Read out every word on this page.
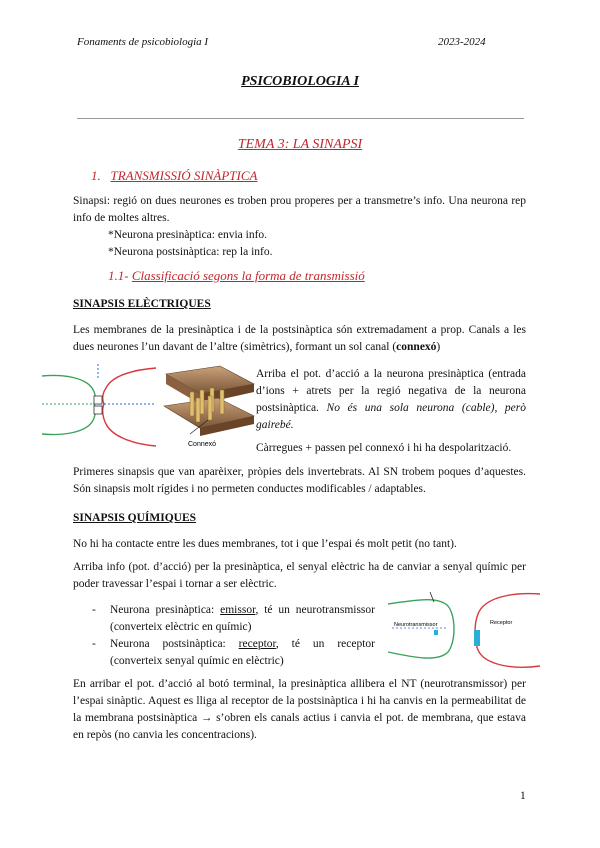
Fonaments de psicobiologia I	2023-2024
PSICOBIOLOGIA I
TEMA 3: LA SINAPSI
1. TRANSMISSIÓ SINÀPTICA

Sinapsi: regió on dues neurones es troben prou properes per a transmetre’s info. Una neurona rep info de moltes altres.

*Neurona presinàptica: envia info.
*Neurona postsinàptica: rep la info.
1.1- Classificació segons la forma de transmissió
SINAPSIS ELÈCTRIQUES

Les membranes de la presinàptica i de la postsinàptica són extremadament a prop. Canals a les dues neurones l’un davant de l’altre (simètrics), formant un sol canal (connexó)

Connexó

Arriba el pot. d’acció a la neurona presinàptica (entrada d’ions + atrets per la regió negativa de la neurona postsinàptica. No és una sola neurona (cable), però gairebé.

Càrregues + passen pel connexó i hi ha despolarització.

Primeres sinapsis que van aparèixer, pròpies dels invertebrats. Al SN trobem poques d’aquestes. Són sinapsis molt rígides i no permeten conductes modificables / adaptables.

SINAPSIS QUÍMIQUES

No hi ha contacte entre les dues membranes, tot i que l’espai és molt petit (no tant).

Arriba info (pot. d’acció) per la presinàptica, el senyal elèctric ha de canviar a senyal químic per poder travessar l’espai i tornar a ser elèctric.

- Neurona presinàptica: emissor, té un neurotransmissor (converteix elèctric en químic)
- Neurona postsinàptica: receptor, té un receptor (converteix senyal químic en elèctric)
Neurotransmissor	Receptor

En arribar el pot. d’acció al botó terminal, la presinàptica allibera el NT (neurotransmissor) per l’espai sinàptic. Aquest es lliga al receptor de la postsinàptica i hi ha canvis en la permeabilitat de la membrana postsinàptica → s’obren els canals actius i canvia el pot. de membrana, que estava en repòs (no canvia les concentracions).

1
